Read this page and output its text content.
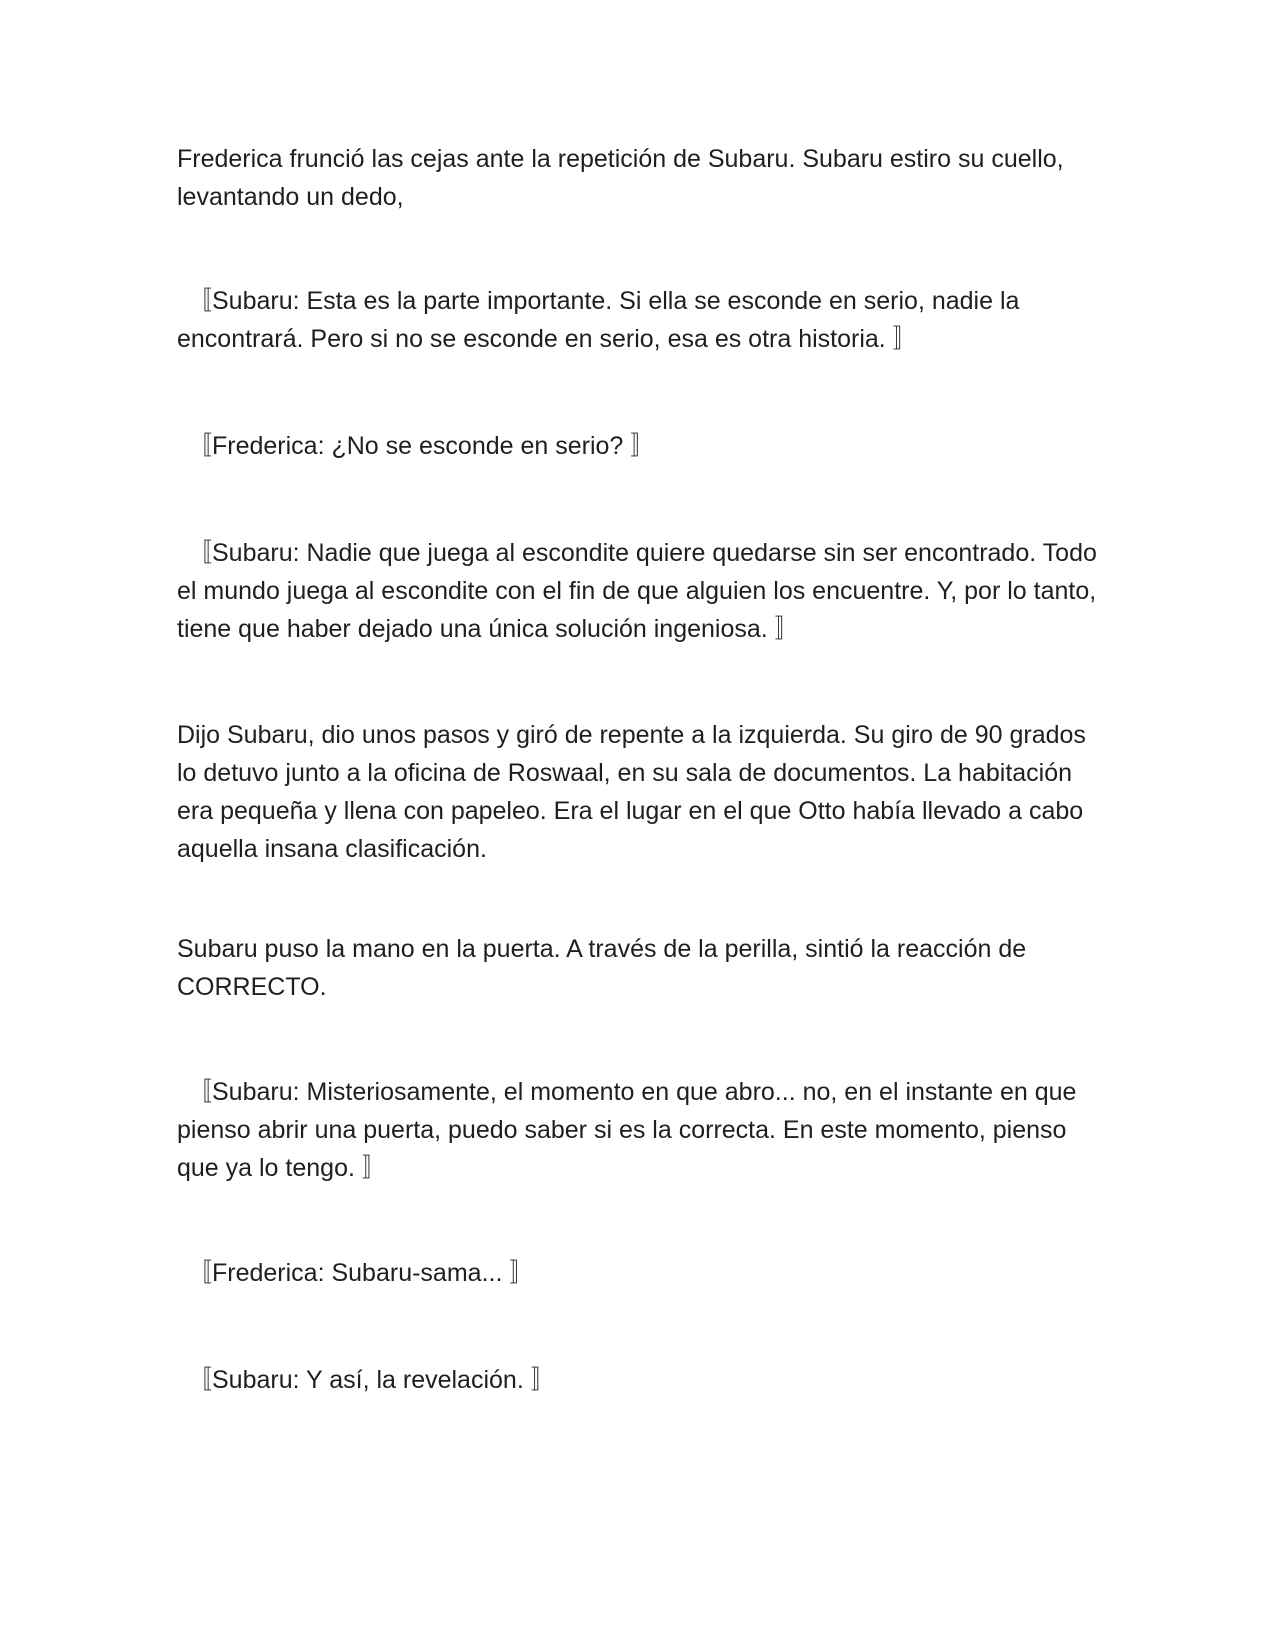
Frederica frunció las cejas ante la repetición de Subaru. Subaru estiro su cuello, levantando un dedo,

〚Subaru: Esta es la parte importante. Si ella se esconde en serio, nadie la encontrará. Pero si no se esconde en serio, esa es otra historia. 〛

〚Frederica: ¿No se esconde en serio? 〛

〚Subaru: Nadie que juega al escondite quiere quedarse sin ser encontrado. Todo el mundo juega al escondite con el fin de que alguien los encuentre. Y, por lo tanto, tiene que haber dejado una única solución ingeniosa. 〛

Dijo Subaru, dio unos pasos y giró de repente a la izquierda. Su giro de 90 grados lo detuvo junto a la oficina de Roswaal, en su sala de documentos. La habitación era pequeña y llena con papeleo. Era el lugar en el que Otto había llevado a cabo aquella insana clasificación.

Subaru puso la mano en la puerta. A través de la perilla, sintió la reacción de CORRECTO.

〚Subaru: Misteriosamente, el momento en que abro... no, en el instante en que pienso abrir una puerta, puedo saber si es la correcta. En este momento, pienso que ya lo tengo. 〛

〚Frederica: Subaru-sama... 〛

〚Subaru: Y así, la revelación. 〛
